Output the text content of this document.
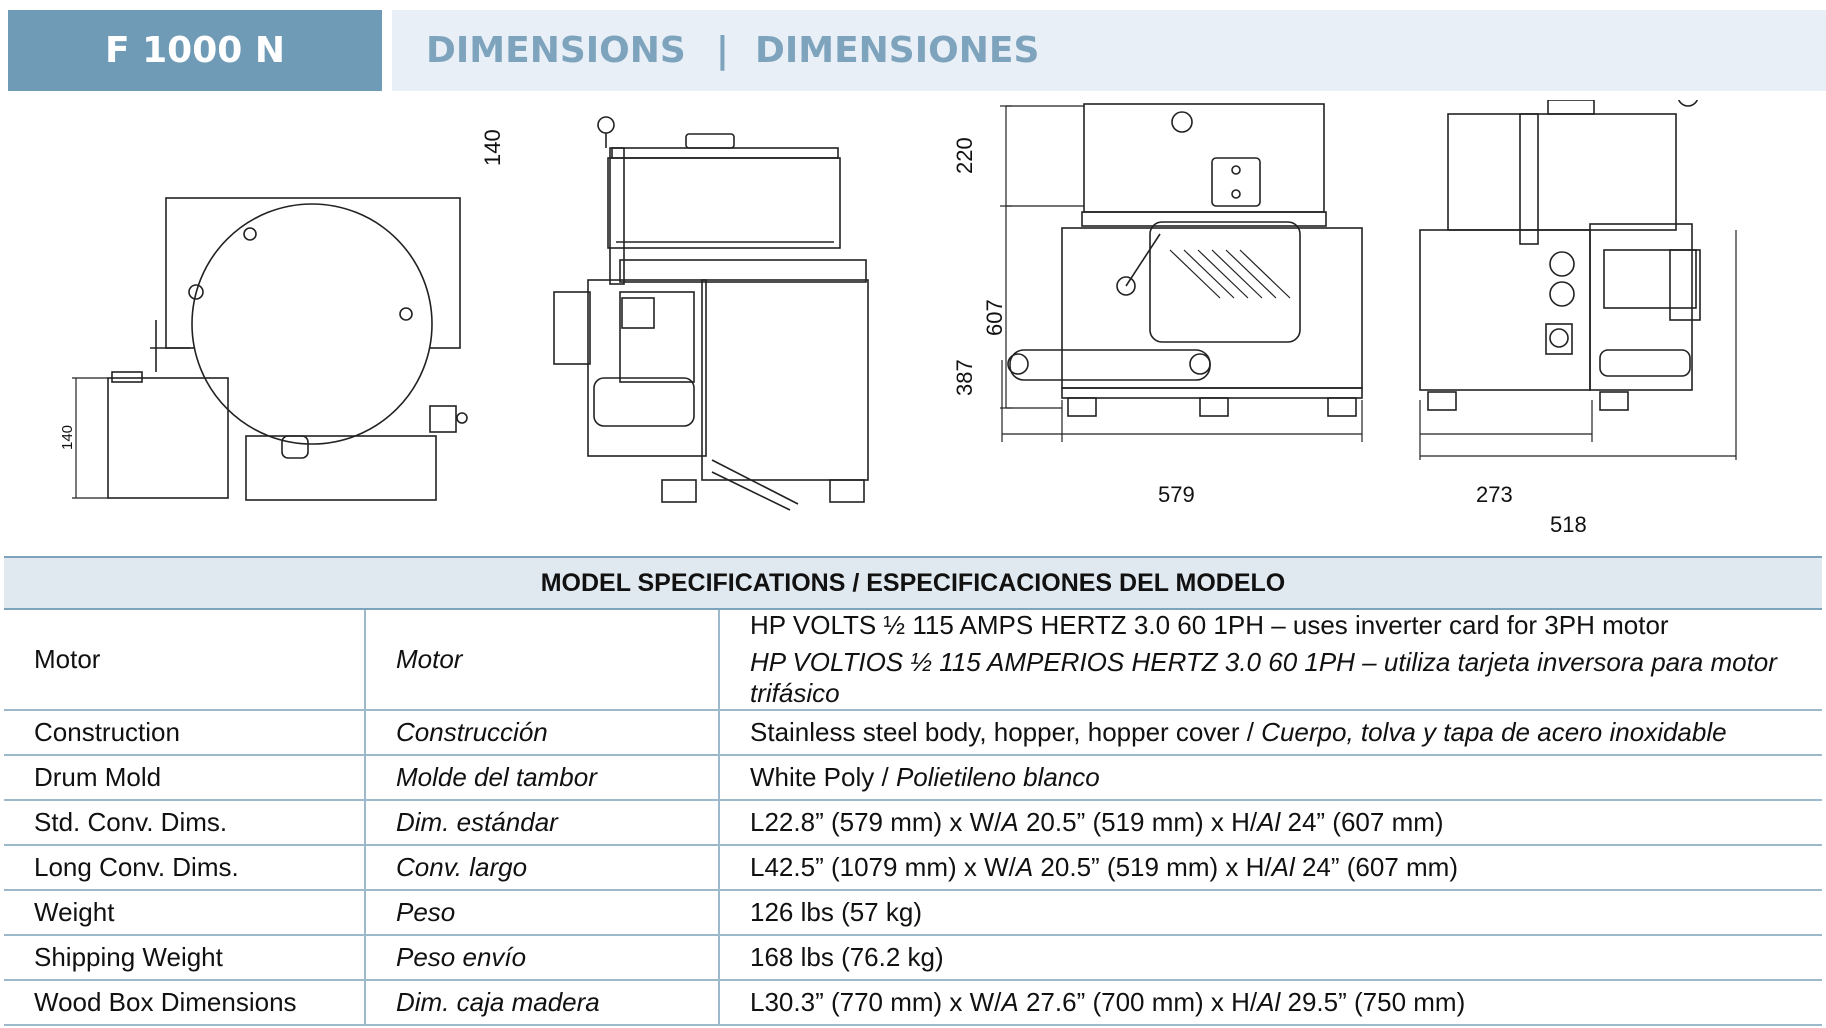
F 1000 N	DIMENSIONS | DIMENSIONES
140
140
220
607
387
579	273
518
MODEL SPECIFICATIONS / ESPECIFICACIONES DEL MODELO		
Motor	Motor	HP VOLTS ½ 115 AMPS HERTZ 3.0 60 1PH – uses inverter card for 3PH motor
HP VOLTIOS ½ 115 AMPERIOS HERTZ 3.0 60 1PH – utiliza tarjeta inversora para motor trifásico

Construction	Construcción	Stainless steel body, hopper, hopper cover / Cuerpo, tolva y tapa de acero inoxidable
Drum Mold	Molde del tambor	White Poly / Polietileno blanco
Std. Conv. Dims.	Dim. estándar	L22.8” (579 mm) x W/A 20.5” (519 mm) x H/Al 24” (607 mm)
Long Conv. Dims.	Conv. largo	L42.5” (1079 mm) x W/A 20.5” (519 mm) x H/Al 24” (607 mm)
Weight	Peso	126 lbs (57 kg)
Shipping Weight	Peso envío	168 lbs (76.2 kg)
Wood Box Dimensions	Dim. caja madera	L30.3” (770 mm) x W/A 27.6” (700 mm) x H/Al 29.5” (750 mm)
